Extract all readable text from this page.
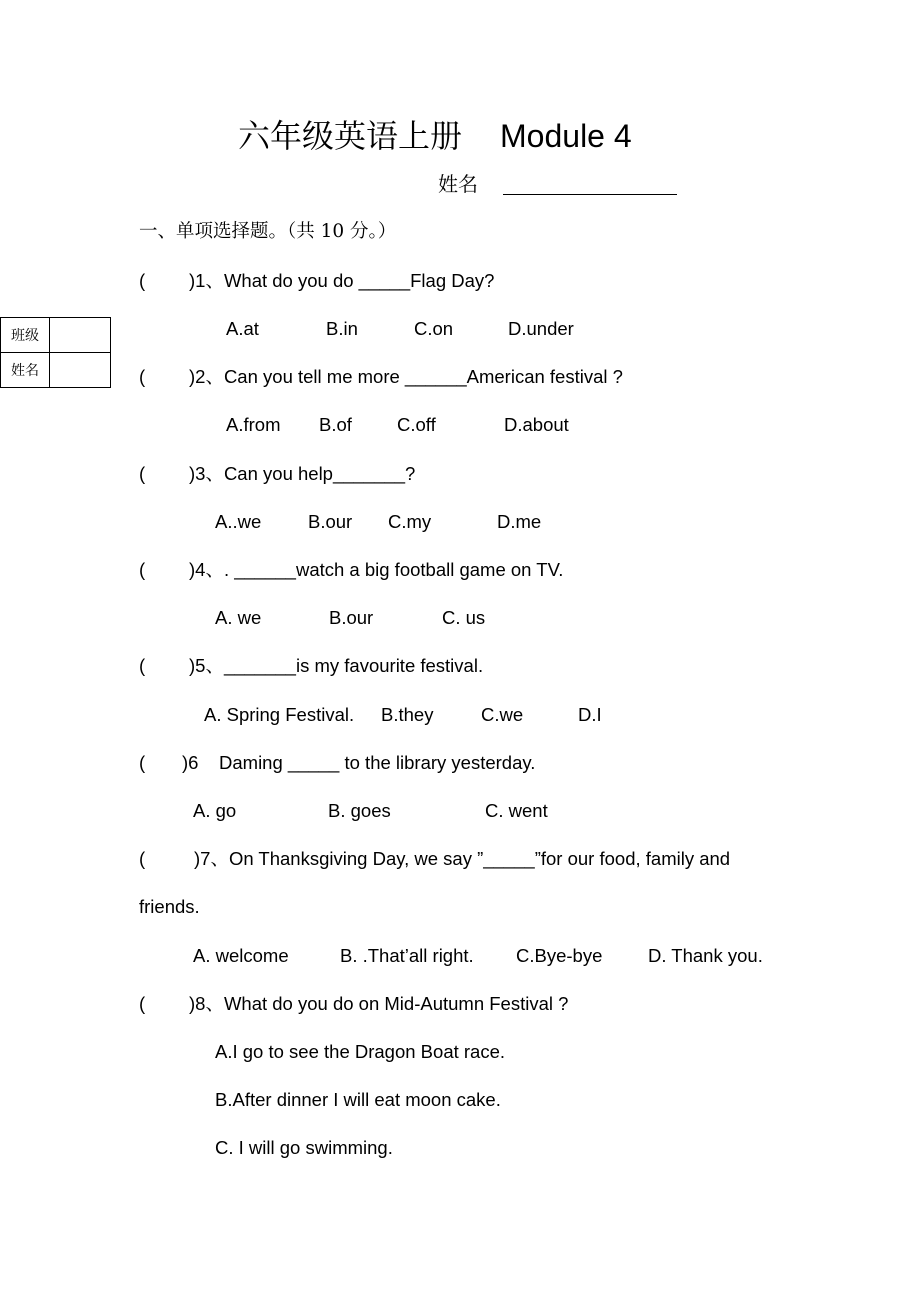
六年级英语上册 Module 4
姓名
班级	
姓名	
一、单项选择题。（共 10 分。）
( )1、What do you do _____Flag Day?
A.at	B.in	C.on	D.under
( )2、Can you tell me more ______American festival ?
A.from B.of C.off	D.about
( )3、Can you help_______?
A..we	B.our C.my	D.me
( )4、. ______watch a big football game on TV.
A. we	B.our	C. us
( )5、_______is my favourite festival.
A. Spring Festival. B.they	C.we	D.I
( )6    Daming _____ to the library yesterday.
A. go	B. goes	C. went
(	)7、On Thanksgiving Day, we say ”_____”for our food, family and
friends.
A. welcome	B. .That’all right. C.Bye-bye D. Thank you.
( )8、What do you do on Mid-Autumn Festival ?
A.I go to see the Dragon Boat race.
B.After dinner I will eat moon cake.
C. I will go swimming.
